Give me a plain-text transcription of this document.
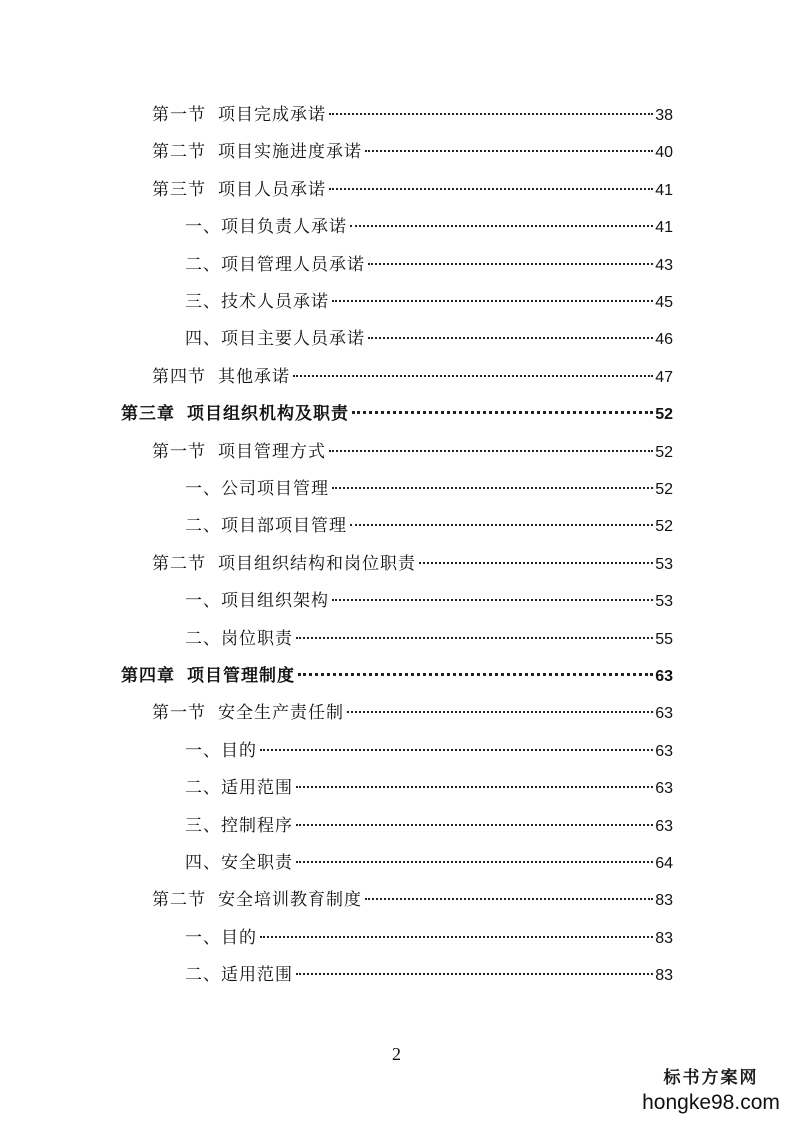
第一节 项目完成承诺	38
第二节 项目实施进度承诺	40
第三节 项目人员承诺	41
一、项目负责人承诺	41
二、项目管理人员承诺	43
三、技术人员承诺	45
四、项目主要人员承诺	46
第四节 其他承诺	47
第三章 项目组织机构及职责	52
第一节 项目管理方式	52
一、公司项目管理	52
二、项目部项目管理	52
第二节 项目组织结构和岗位职责	53
一、项目组织架构	53
二、岗位职责	55
第四章 项目管理制度	63
第一节 安全生产责任制	63
一、目的	63
二、适用范围	63
三、控制程序	63
四、安全职责	64
第二节 安全培训教育制度	83
一、目的	83
二、适用范围	83
2
标书方案网
hongke98.com
